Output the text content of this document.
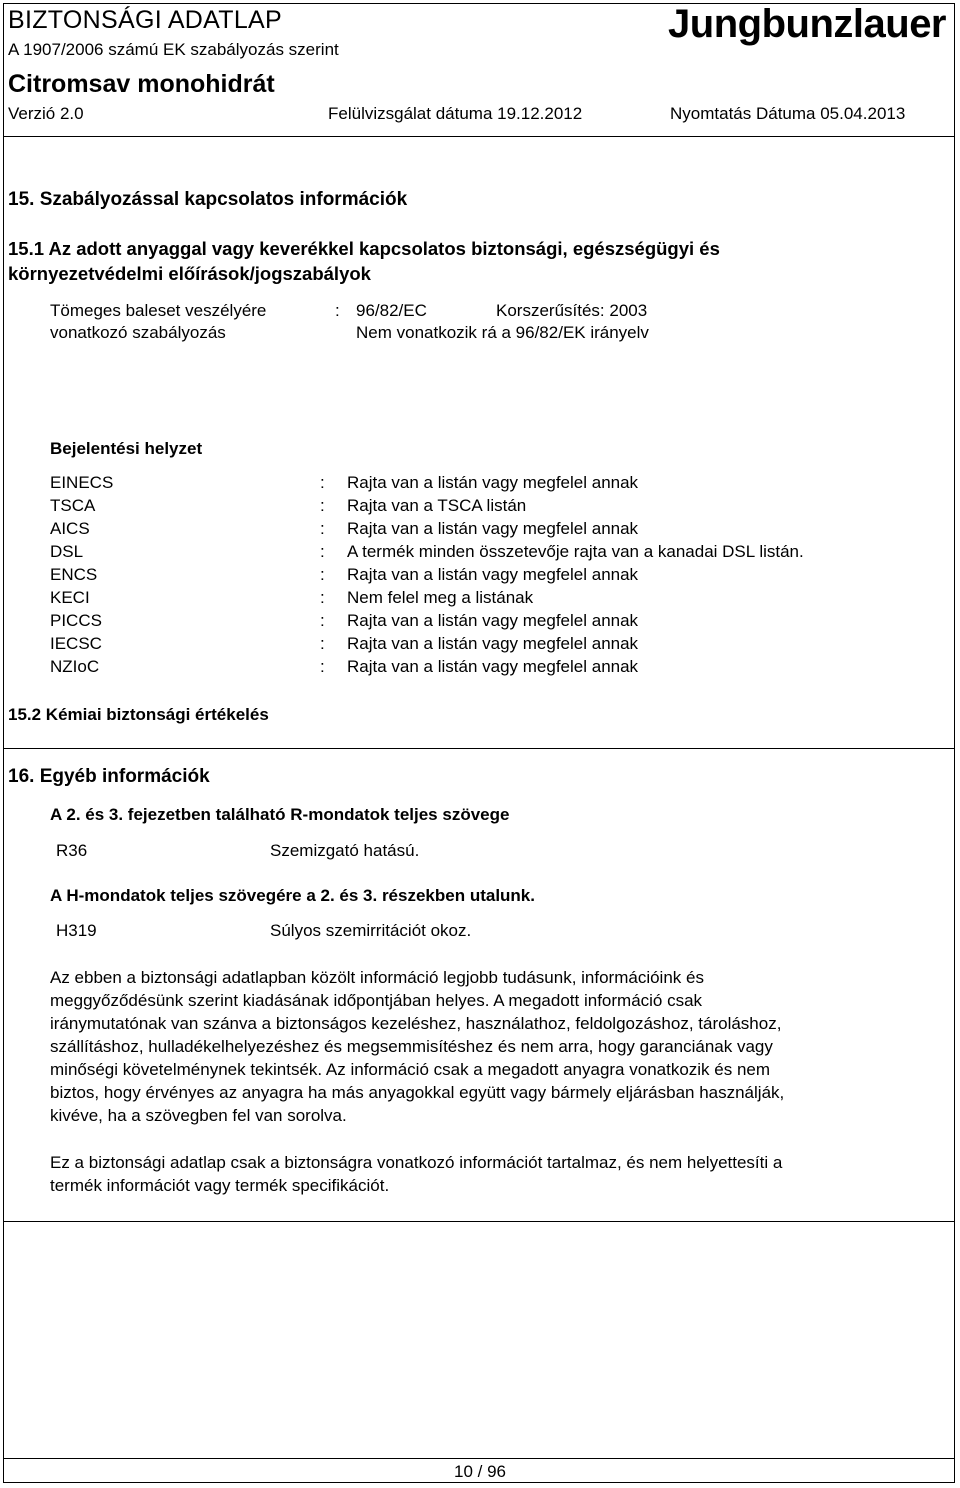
BIZTONSÁGI ADATLAP
A 1907/2006 számú EK szabályozás szerint
Citromsav monohidrát
Jungbunzlauer
Verzió 2.0	Felülvizsgálat dátuma 19.12.2012	Nyomtatás Dátuma 05.04.2013
15. Szabályozással kapcsolatos információk
15.1 Az adott anyaggal vagy keverékkel kapcsolatos biztonsági, egészségügyi és
környezetvédelmi előírások/jogszabályok
Tömeges baleset veszélyére
vonatkozó szabályozás
: 96/82/EC	Korszerűsítés: 2003
Nem vonatkozik rá a 96/82/EK irányelv
Bejelentési helyzet
EINECS	: Rajta van a listán vagy megfelel annak
TSCA	: Rajta van a TSCA listán
AICS	: Rajta van a listán vagy megfelel annak
DSL	: A termék minden összetevője rajta van a kanadai DSL listán.
ENCS	: Rajta van a listán vagy megfelel annak
KECI	: Nem felel meg a listának
PICCS	: Rajta van a listán vagy megfelel annak
IECSC	: Rajta van a listán vagy megfelel annak
NZIoC	: Rajta van a listán vagy megfelel annak
15.2 Kémiai biztonsági értékelés
16. Egyéb információk
A 2. és 3. fejezetben található R-mondatok teljes szövege
R36	Szemizgató hatású.
A H-mondatok teljes szövegére a 2. és 3. részekben utalunk.
H319	Súlyos szemirritációt okoz.

Az ebben a biztonsági adatlapban közölt információ legjobb tudásunk, információink és

meggyőződésünk szerint kiadásának időpontjában helyes. A megadott információ csak

iránymutatónak van szánva a biztonságos kezeléshez, használathoz, feldolgozáshoz, tároláshoz,

szállításhoz, hulladékelhelyezéshez és megsemmisítéshez és nem arra, hogy garanciának vagy

minőségi követelménynek tekintsék. Az információ csak a megadott anyagra vonatkozik és nem

biztos, hogy érvényes az anyagra ha más anyagokkal együtt vagy bármely eljárásban használják,

kivéve, ha a szövegben fel van sorolva.

Ez a biztonsági adatlap csak a biztonságra vonatkozó információt tartalmaz, és nem helyettesíti a

termék információt vagy termék specifikációt.

10 / 96
